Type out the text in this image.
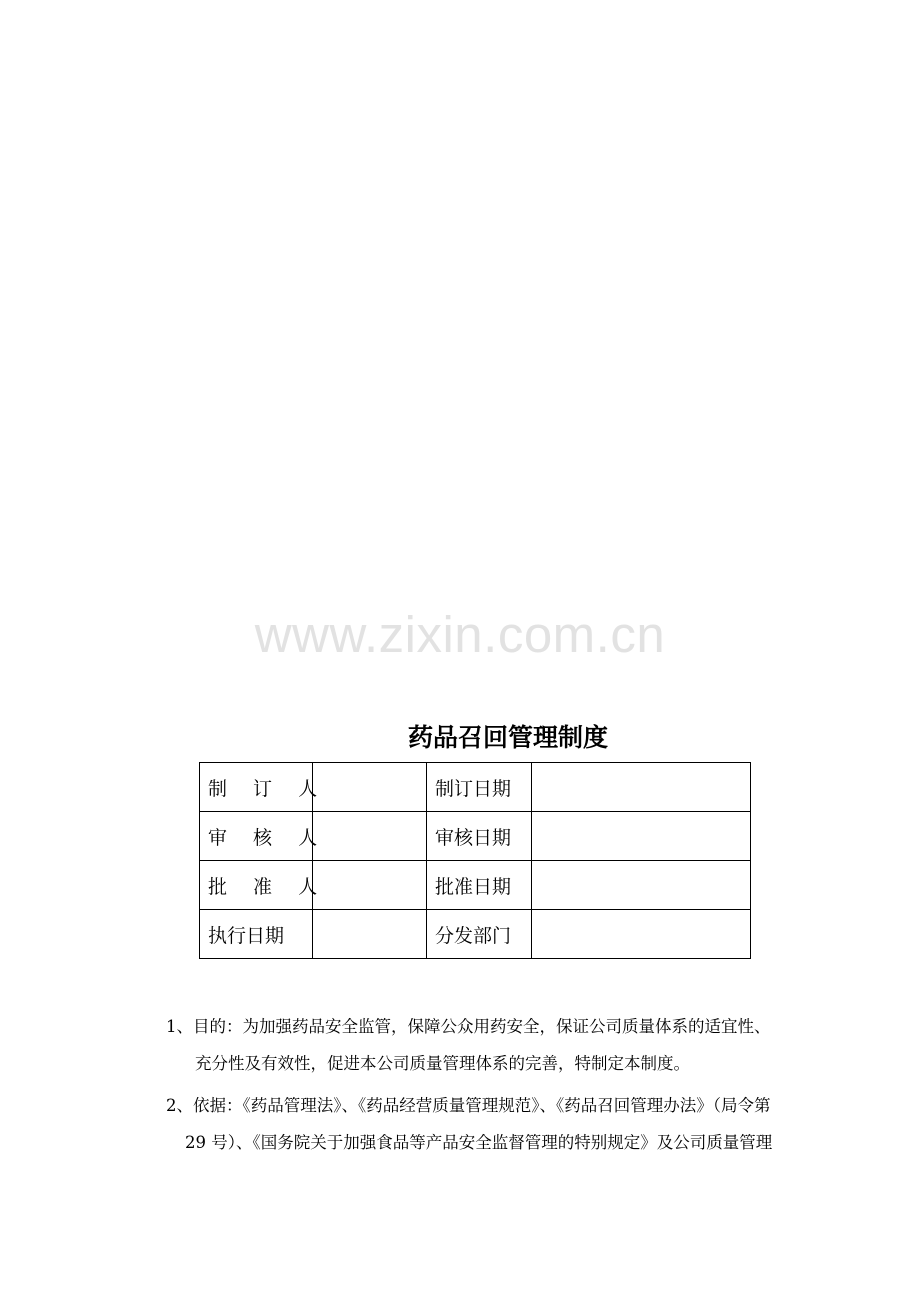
www.zixin.com.cn
药品召回管理制度
制 订 人		制订日期	
审 核 人		审核日期	
批 准 人		批准日期	
执行日期		分发部门	
1、目的：为加强药品安全监管，保障公众用药安全，保证公司质量体系的适宜性、
充分性及有效性，促进本公司质量管理体系的完善，特制定本制度。
2、依据：《药品管理法》、《药品经营质量管理规范》、《药品召回管理办法》（局令第
29 号）、《国务院关于加强食品等产品安全监督管理的特别规定》及公司质量管理
